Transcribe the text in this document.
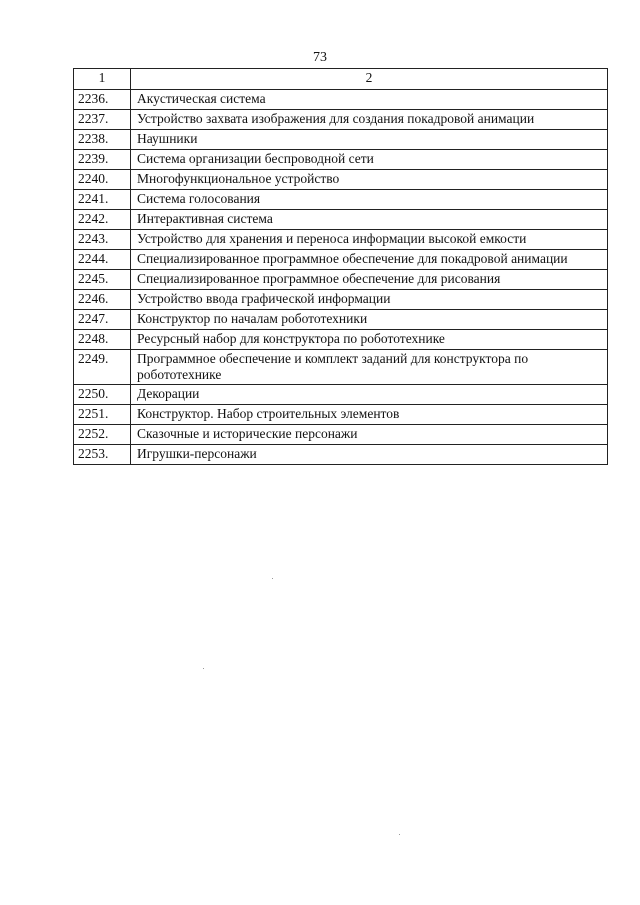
73
1	2
2236.	Акустическая система
2237.	Устройство захвата изображения для создания покадровой анимации
2238.	Наушники
2239.	Система организации беспроводной сети
2240.	Многофункциональное устройство
2241.	Система голосования
2242.	Интерактивная система
2243.	Устройство для хранения и переноса информации высокой емкости
2244.	Специализированное программное обеспечение для покадровой анимации
2245.	Специализированное программное обеспечение для рисования
2246.	Устройство ввода графической информации
2247.	Конструктор по началам робототехники
2248.	Ресурсный набор для конструктора по робототехнике
2249.	Программное обеспечение и комплект заданий для конструктора по робототехнике
2250.	Декорации
2251.	Конструктор. Набор строительных элементов
2252.	Сказочные и исторические персонажи
2253.	Игрушки-персонажи
